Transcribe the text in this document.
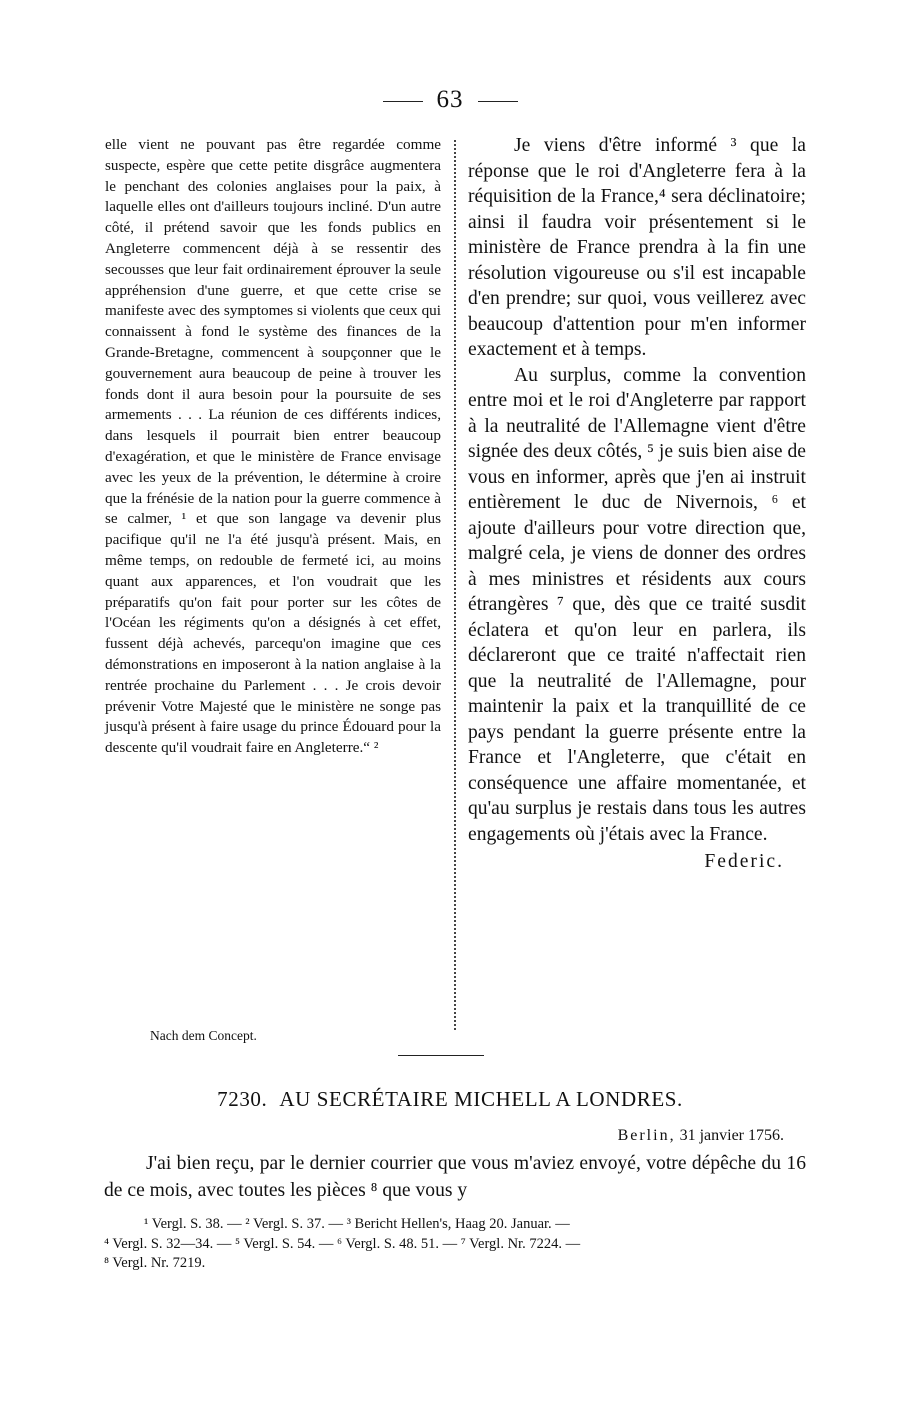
63

elle vient ne pouvant pas être regardée comme suspecte, espère que cette petite disgrâce augmentera le penchant des colonies anglaises pour la paix, à laquelle elles ont d'ailleurs toujours incliné. D'un autre côté, il prétend savoir que les fonds publics en Angleterre commencent déjà à se ressentir des secousses que leur fait ordinairement éprouver la seule appréhension d'une guerre, et que cette crise se manifeste avec des symptomes si violents que ceux qui connaissent à fond le système des finances de la Grande-Bretagne, commencent à soupçonner que le gouvernement aura beaucoup de peine à trouver les fonds dont il aura besoin pour la poursuite de ses armements . . . La réunion de ces différents indices, dans lesquels il pourrait bien entrer beaucoup d'exagération, et que le ministère de France envisage avec les yeux de la prévention, le détermine à croire que la frénésie de la nation pour la guerre commence à se calmer, ¹ et que son langage va devenir plus pacifique qu'il ne l'a été jusqu'à présent. Mais, en même temps, on redouble de fermeté ici, au moins quant aux apparences, et l'on voudrait que les préparatifs qu'on fait pour porter sur les côtes de l'Océan les régiments qu'on a désignés à cet effet, fussent déjà achevés, parcequ'on imagine que ces démonstrations en imposeront à la nation anglaise à la rentrée prochaine du Parlement . . . Je crois devoir prévenir Votre Majesté que le ministère ne songe pas jusqu'à présent à faire usage du prince Édouard pour la descente qu'il voudrait faire en Angleterre.“ ²

Je viens d'être informé ³ que la réponse que le roi d'Angleterre fera à la réquisition de la France,⁴ sera déclinatoire; ainsi il faudra voir présentement si le ministère de France prendra à la fin une résolution vigoureuse ou s'il est incapable d'en prendre; sur quoi, vous veillerez avec beaucoup d'attention pour m'en informer exactement et à temps.

Au surplus, comme la convention entre moi et le roi d'Angleterre par rapport à la neutralité de l'Allemagne vient d'être signée des deux côtés, ⁵ je suis bien aise de vous en informer, après que j'en ai instruit entièrement le duc de Nivernois, ⁶ et ajoute d'ailleurs pour votre direction que, malgré cela, je viens de donner des ordres à mes ministres et résidents aux cours étrangères ⁷ que, dès que ce traité susdit éclatera et qu'on leur en parlera, ils déclareront que ce traité n'affectait rien que la neutralité de l'Allemagne, pour maintenir la paix et la tranquillité de ce pays pendant la guerre présente entre la France et l'Angleterre, que c'était en conséquence une affaire momentanée, et qu'au surplus je restais dans tous les autres engagements où j'étais avec la France.

Federic.
Nach dem Concept.
7230. AU SECRÉTAIRE MICHELL A LONDRES.
Berlin, 31 janvier 1756.

J'ai bien reçu, par le dernier courrier que vous m'aviez envoyé, votre dépêche du 16 de ce mois, avec toutes les pièces ⁸ que vous y

¹ Vergl. S. 38. — ² Vergl. S. 37. — ³ Bericht Hellen's, Haag 20. Januar. —

⁴ Vergl. S. 32—34. — ⁵ Vergl. S. 54. — ⁶ Vergl. S. 48. 51. — ⁷ Vergl. Nr. 7224. —
⁸ Vergl. Nr. 7219.
